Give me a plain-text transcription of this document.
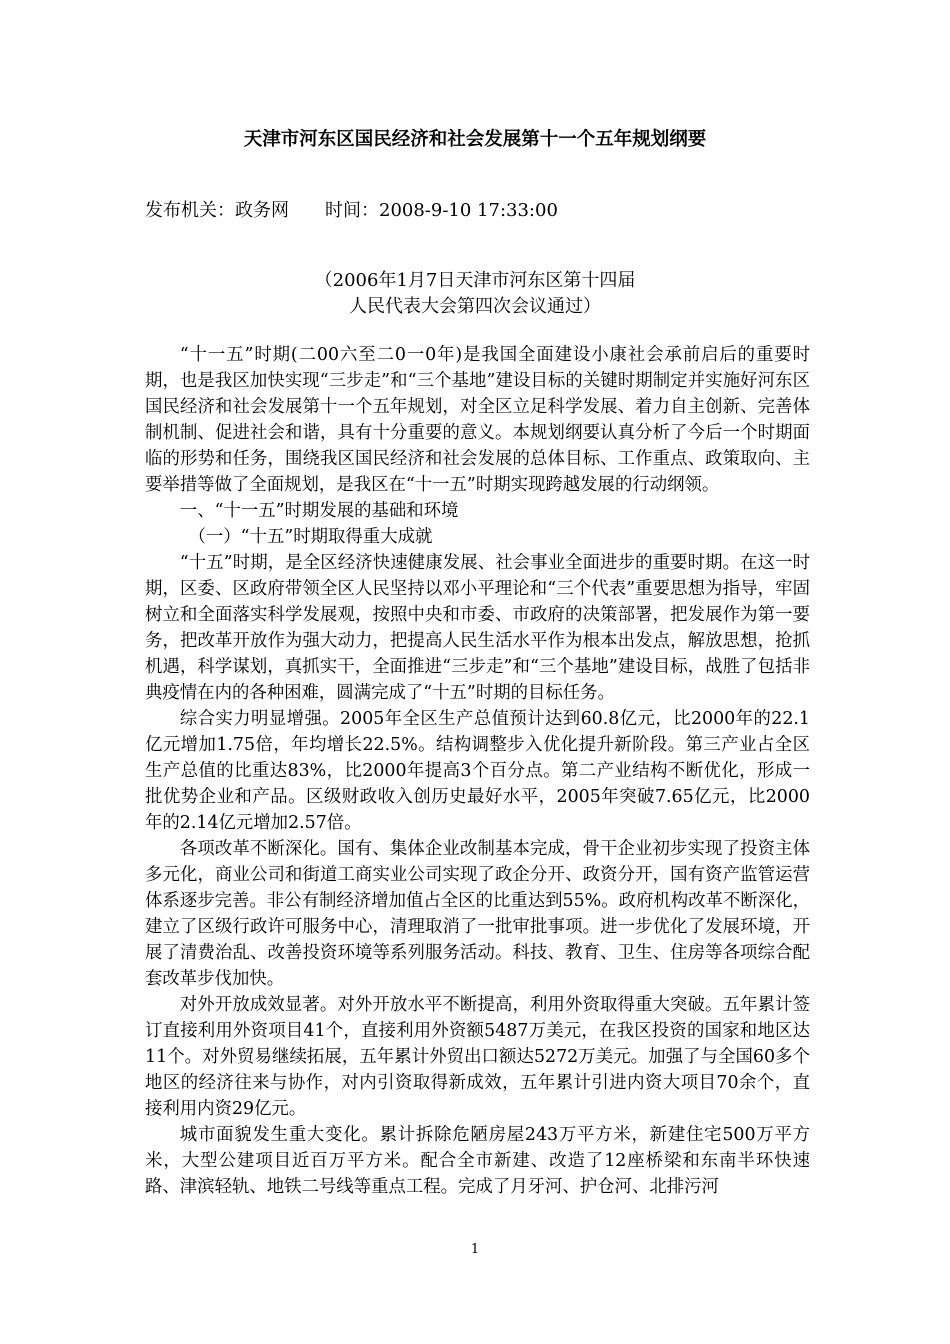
天津市河东区国民经济和社会发展第十一个五年规划纲要
发布机关：政务网 时间：2008-9-10 17:33:00
（2006年1月7日天津市河东区第十四届
人民代表大会第四次会议通过）

“十一五”时期(二00六至二0一0年)是我国全面建设小康社会承前启后的重要时期，也是我区加快实现“三步走”和“三个基地”建设目标的关键时期制定并实施好河东区国民经济和社会发展第十一个五年规划，对全区立足科学发展、着力自主创新、完善体制机制、促进社会和谐，具有十分重要的意义。本规划纲要认真分析了今后一个时期面临的形势和任务，围绕我区国民经济和社会发展的总体目标、工作重点、政策取向、主要举措等做了全面规划，是我区在“十一五”时期实现跨越发展的行动纲领。

一、“十一五”时期发展的基础和环境

（一）“十五”时期取得重大成就

“十五”时期，是全区经济快速健康发展、社会事业全面进步的重要时期。在这一时期，区委、区政府带领全区人民坚持以邓小平理论和“三个代表”重要思想为指导，牢固树立和全面落实科学发展观，按照中央和市委、市政府的决策部署，把发展作为第一要务，把改革开放作为强大动力，把提高人民生活水平作为根本出发点，解放思想，抢抓机遇，科学谋划，真抓实干，全面推进“三步走”和“三个基地”建设目标，战胜了包括非典疫情在内的各种困难，圆满完成了“十五”时期的目标任务。

综合实力明显增强。2005年全区生产总值预计达到60.8亿元，比2000年的22.1亿元增加1.75倍，年均增长22.5%。结构调整步入优化提升新阶段。第三产业占全区生产总值的比重达83%，比2000年提高3个百分点。第二产业结构不断优化，形成一批优势企业和产品。区级财政收入创历史最好水平，2005年突破7.65亿元，比2000年的2.14亿元增加2.57倍。

各项改革不断深化。国有、集体企业改制基本完成，骨干企业初步实现了投资主体多元化，商业公司和街道工商实业公司实现了政企分开、政资分开，国有资产监管运营体系逐步完善。非公有制经济增加值占全区的比重达到55%。政府机构改革不断深化，建立了区级行政许可服务中心，清理取消了一批审批事项。进一步优化了发展环境，开展了清费治乱、改善投资环境等系列服务活动。科技、教育、卫生、住房等各项综合配套改革步伐加快。

对外开放成效显著。对外开放水平不断提高，利用外资取得重大突破。五年累计签订直接利用外资项目41个，直接利用外资额5487万美元，在我区投资的国家和地区达11个。对外贸易继续拓展，五年累计外贸出口额达5272万美元。加强了与全国60多个地区的经济往来与协作，对内引资取得新成效，五年累计引进内资大项目70余个，直接利用内资29亿元。

城市面貌发生重大变化。累计拆除危陋房屋243万平方米，新建住宅500万平方米，大型公建项目近百万平方米。配合全市新建、改造了12座桥梁和东南半环快速路、津滨轻轨、地铁二号线等重点工程。完成了月牙河、护仓河、北排污河

1
